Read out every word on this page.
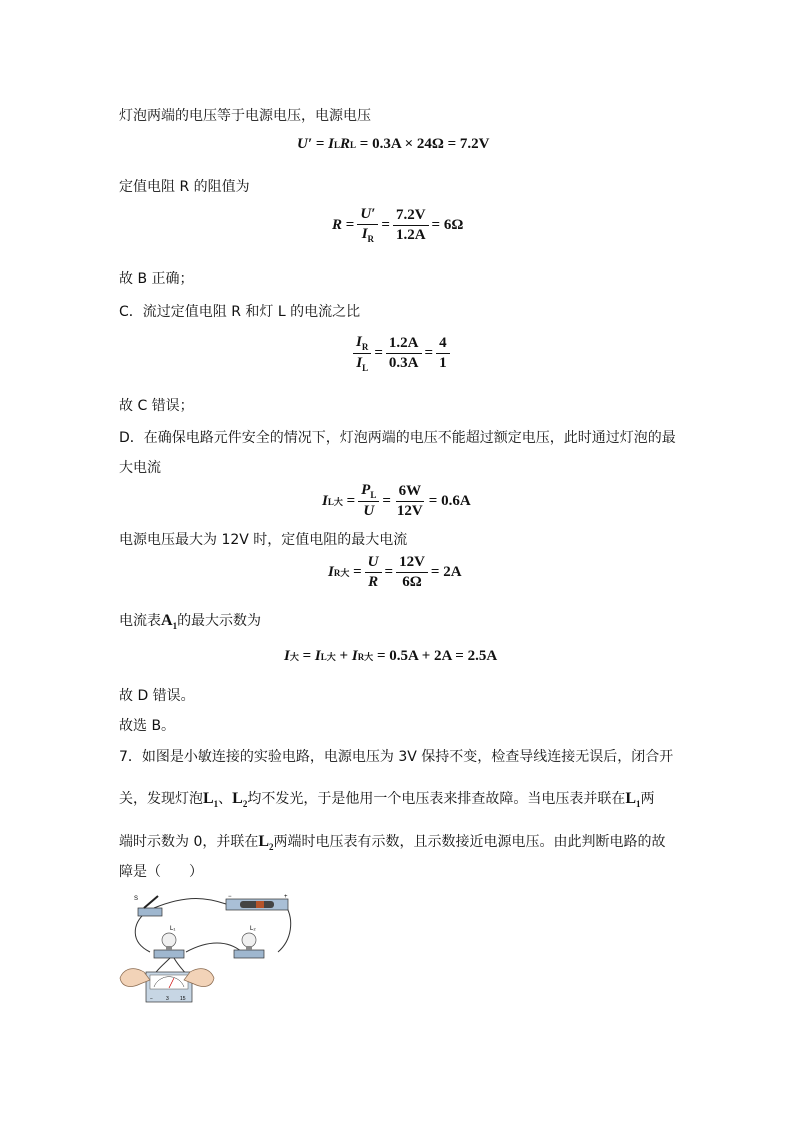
灯泡两端的电压等于电源电压，电源电压
U′
=
I L R L
= 0.3A × 24Ω = 7.2V
定值电阻 R 的阻值为
$R = \frac{U'}{I_R} = \frac{7.2V}{1.2A} = 6\Omega$
故 B 正确；
C．流过定值电阻 R 和灯 L 的电流之比
$\frac{I_R}{I_L} = \frac{1.2A}{0.3A} = \frac{4}{1}$
故 C 错误；
D．在确保电路元件安全的情况下，灯泡两端的电压不能超过额定电压，此时通过灯泡的最
大电流
I L大 = $\frac{P_L}{U} = \frac{6W}{12V} = 0.6A$
电源电压最大为 12V 时，定值电阻的最大电流
I R大 = $\frac{U}{R} = \frac{12V}{6\Omega} = 2A$
电流表$A_1$的最大示数为
I 大 = I L大 + I R大
= 0.5A + 2A = 2.5A
故 D 错误。
故选 B。
7．如图是小敏连接的实验电路，电源电压为 3V 保持不变，检查导线连接无误后，闭合开
关，发现灯泡$L_1$、$L_2$均不发光，于是他用一个电压表来排查故障。当电压表并联在$L_1$两
端时示数为 0，并联在$L_2$两端时电压表有示数，且示数接近电源电压。由此判断电路的故
障是（　　）
S	−	+
L₁	L₂
−	3 15
